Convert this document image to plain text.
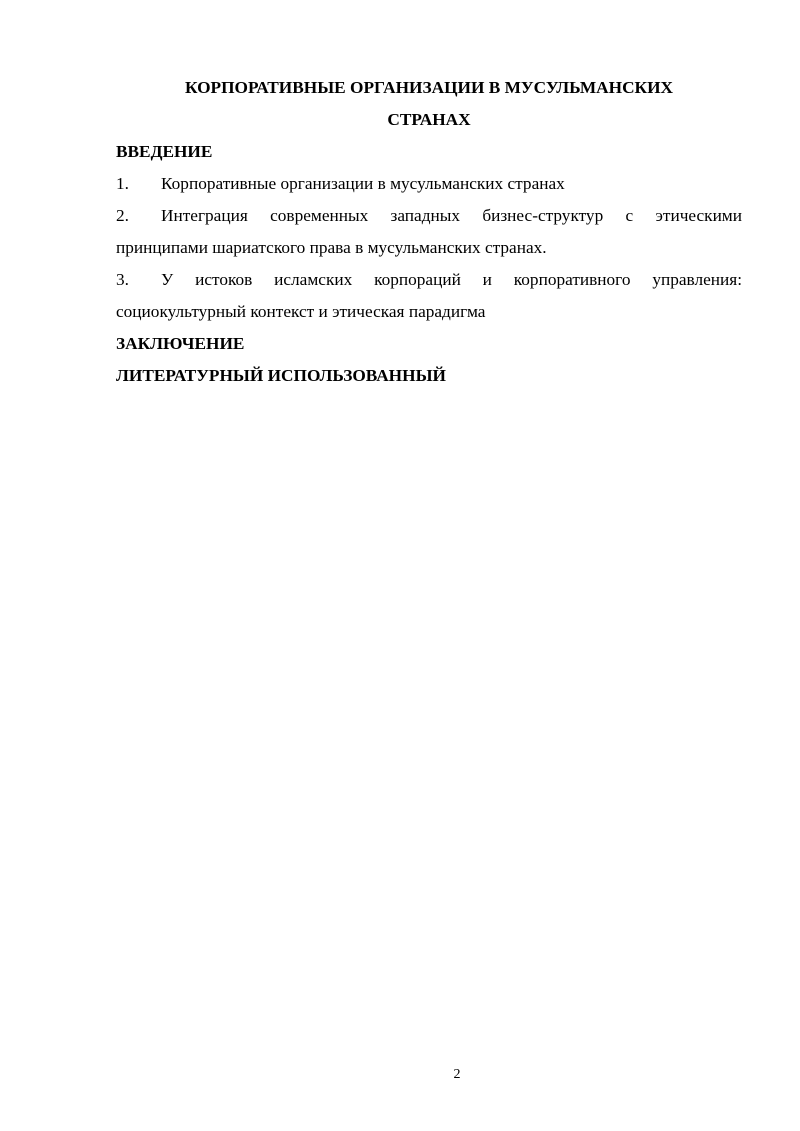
КОРПОРАТИВНЫЕ ОРГАНИЗАЦИИ В МУСУЛЬМАНСКИХ
СТРАНАХ

ВВЕДЕНИЕ

1. Корпоративные организации в мусульманских странах

2. Интеграция современных западных бизнес-структур с этическими принципами шариатского права в мусульманских странах.

3. У истоков исламских корпораций и корпоративного управления: социокультурный контекст и этическая парадигма

ЗАКЛЮЧЕНИЕ

ЛИТЕРАТУРНЫЙ ИСПОЛЬЗОВАННЫЙ

2
